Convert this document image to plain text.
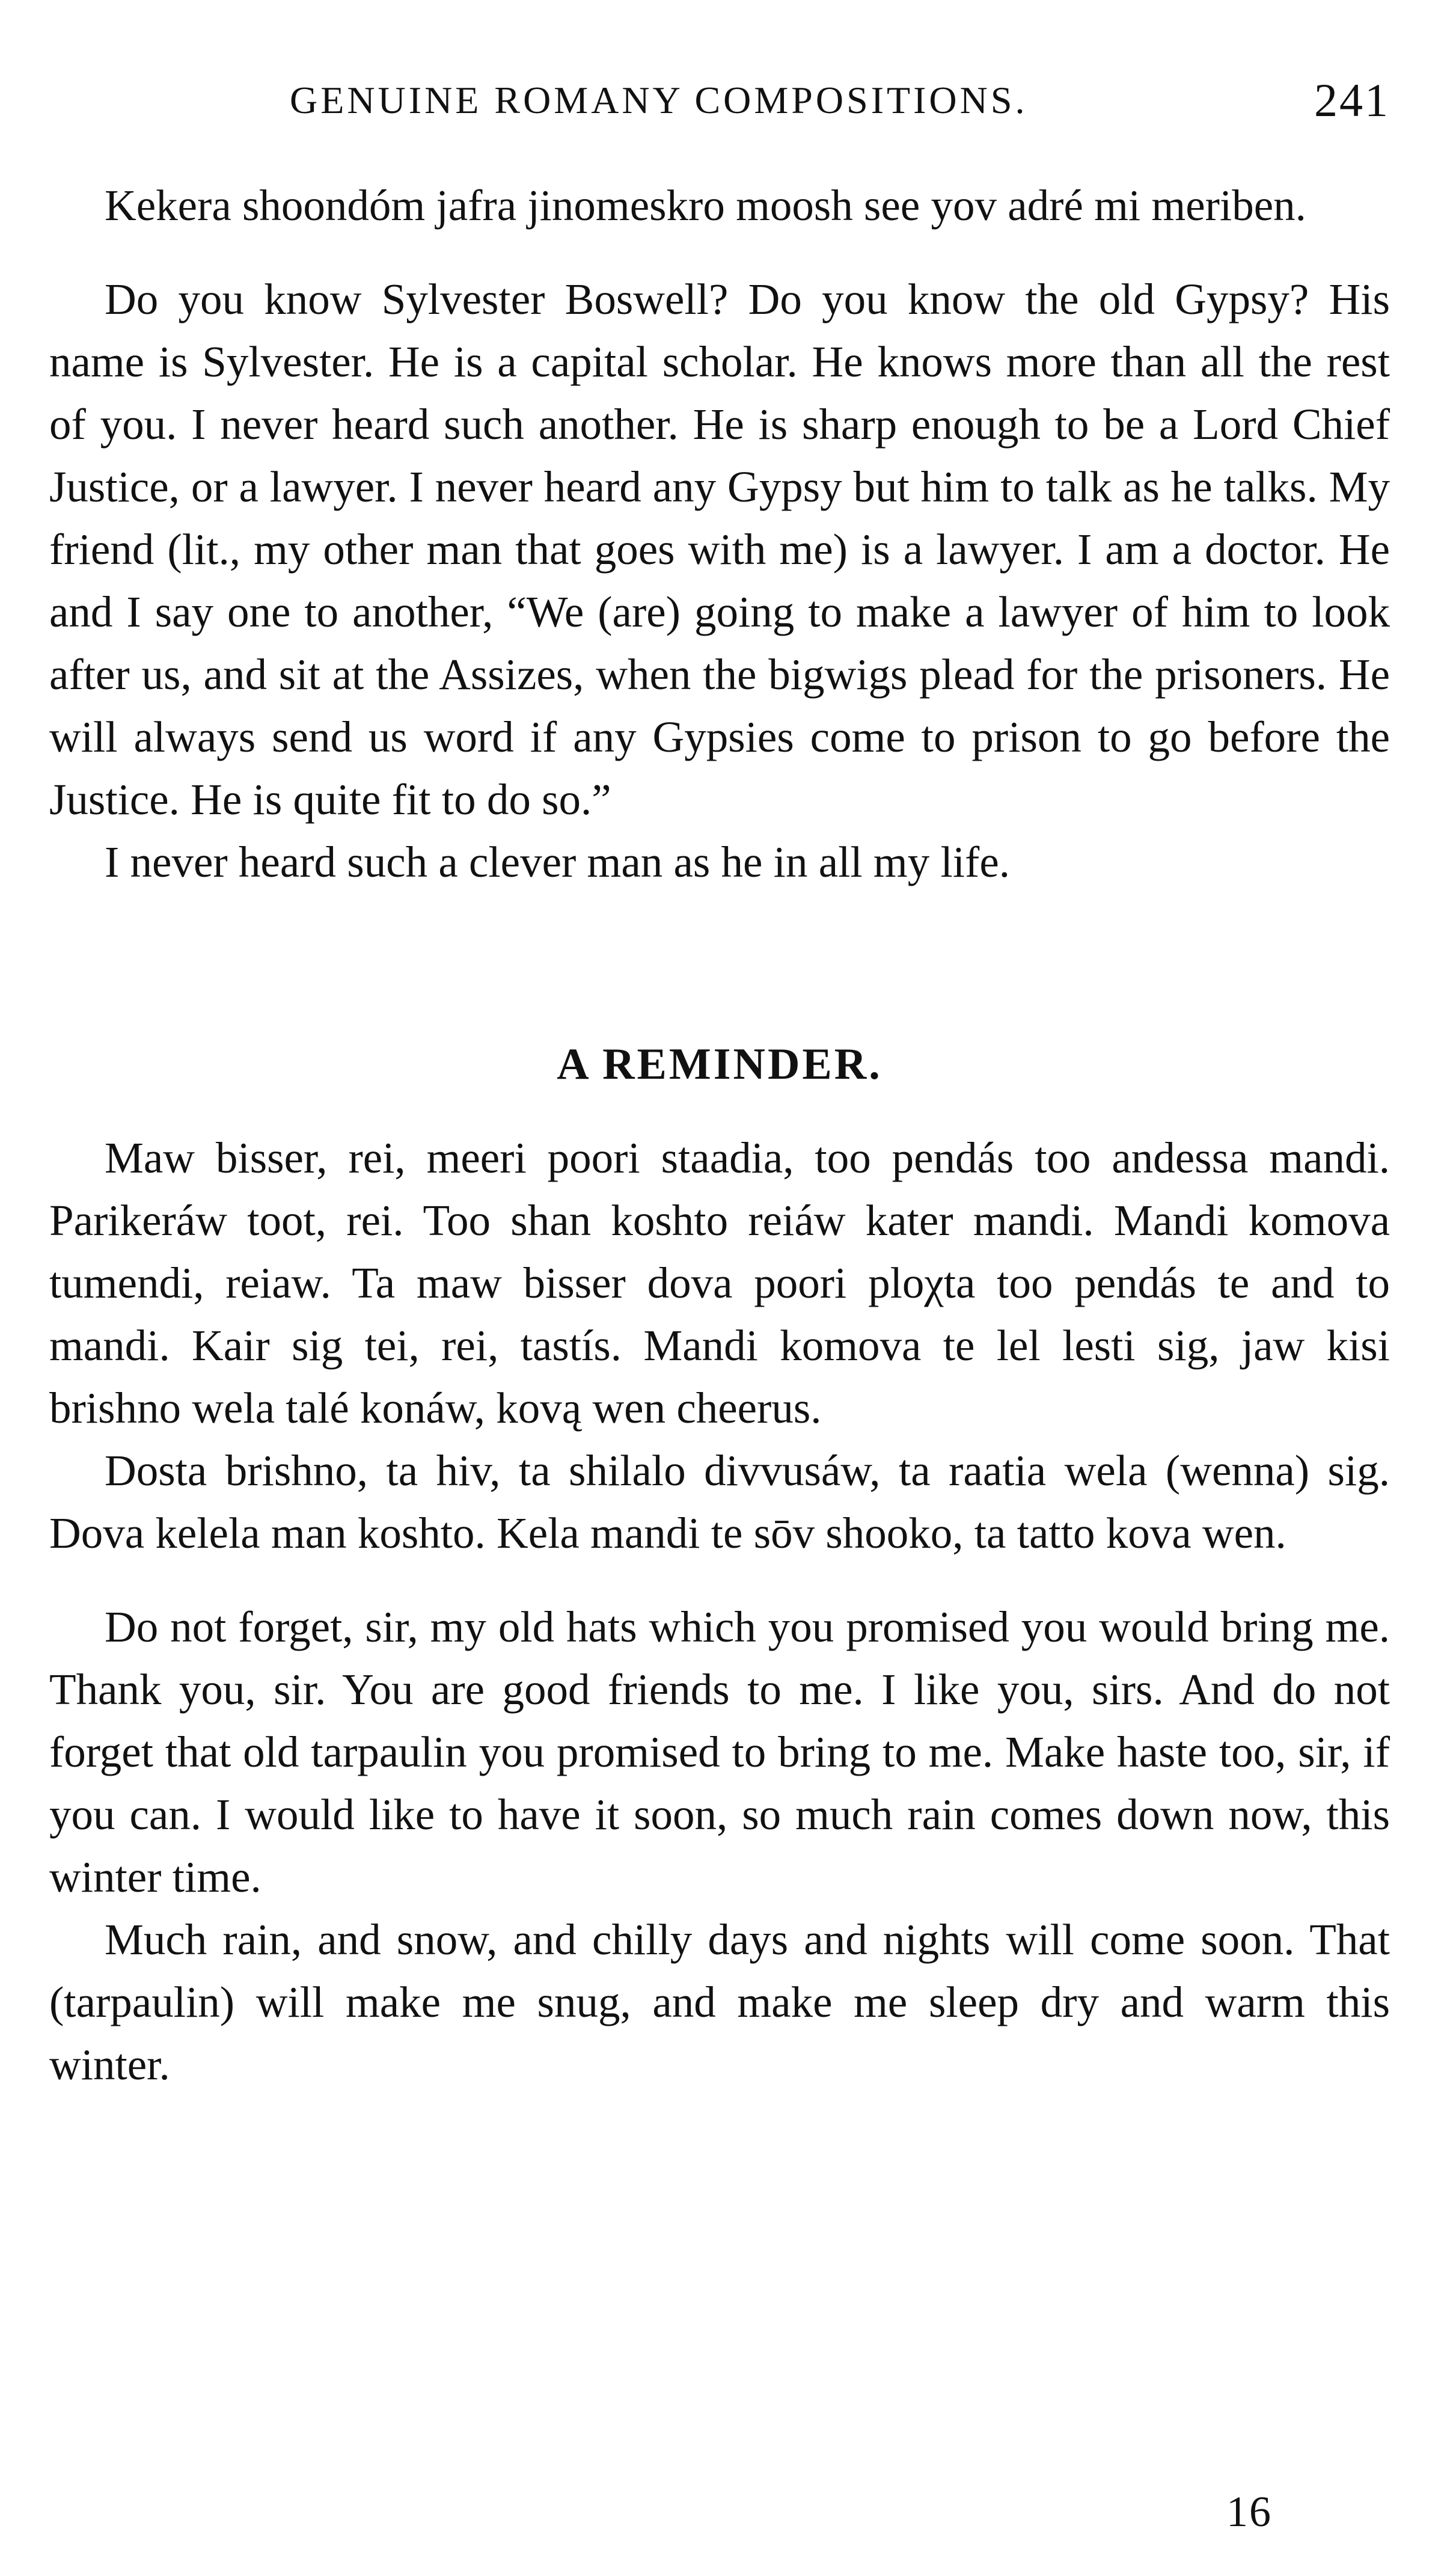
GENUINE ROMANY COMPOSITIONS.	241

Kekera shoondóm jafra jinomeskro moosh see yov adré mi meriben.

Do you know Sylvester Boswell? Do you know the old Gypsy? His name is Sylvester. He is a capital scholar. He knows more than all the rest of you. I never heard such another. He is sharp enough to be a Lord Chief Justice, or a lawyer. I never heard any Gypsy but him to talk as he talks. My friend (lit., my other man that goes with me) is a lawyer. I am a doctor. He and I say one to another, “We (are) going to make a lawyer of him to look after us, and sit at the Assizes, when the bigwigs plead for the prisoners. He will always send us word if any Gypsies come to prison to go before the Justice. He is quite fit to do so.”

I never heard such a clever man as he in all my life.

A REMINDER.

Maw bisser, rei, meeri poori staadia, too pendás too andessa mandi. Parikeráw toot, rei. Too shan koshto reiáw kater mandi. Mandi komova tumendi, reiaw. Ta maw bisser dova poori ploχta too pendás te and to mandi. Kair sig tei, rei, tastís. Mandi komova te lel lesti sig, jaw kisi brishno wela talé konáw, kovą wen cheerus.

Dosta brishno, ta hiv, ta shilalo divvusáw, ta raatia wela (wenna) sig. Dova kelela man koshto. Kela mandi te sōv shooko, ta tatto kova wen.

Do not forget, sir, my old hats which you promised you would bring me. Thank you, sir. You are good friends to me. I like you, sirs. And do not forget that old tarpaulin you promised to bring to me. Make haste too, sir, if you can. I would like to have it soon, so much rain comes down now, this winter time.

Much rain, and snow, and chilly days and nights will come soon. That (tarpaulin) will make me snug, and make me sleep dry and warm this winter.

16
